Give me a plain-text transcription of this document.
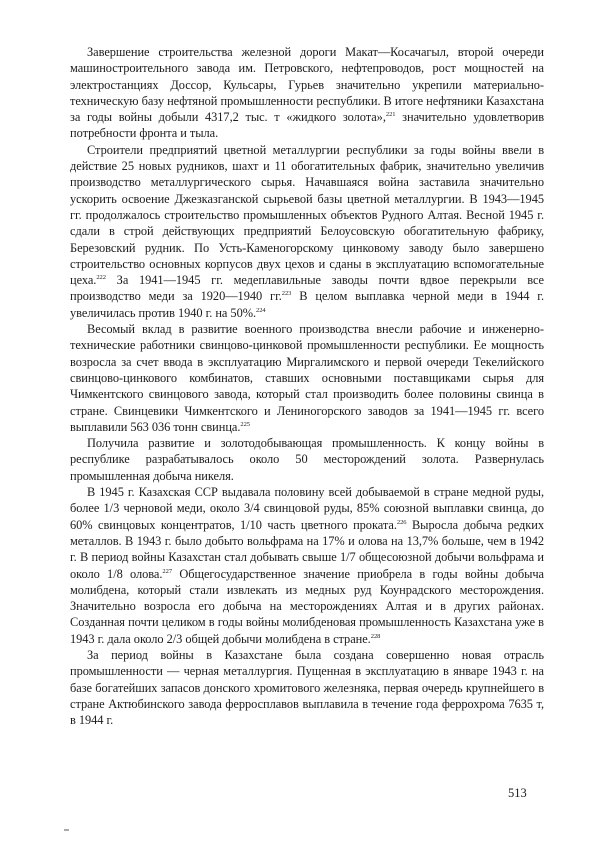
Завершение строительства железной дороги Макат—Косачагыл, второй очереди машиностроительного завода им. Петровского, нефтепроводов, рост мощностей на электростанциях Доссор, Кульсары, Гурьев значительно укрепили материально-техническую базу нефтяной промышленности республики. В итоге нефтяники Казахстана за годы войны добыли 4317,2 тыс. т «жидкого золота»,$^{221}$ значительно удовлетворив потребности фронта и тыла.

Строители предприятий цветной металлургии республики за годы войны ввели в действие 25 новых рудников, шахт и 11 обогатительных фабрик, значительно увеличив производство металлургического сырья. Начавшаяся война заставила значительно ускорить освоение Джезказганской сырьевой базы цветной металлургии. В 1943—1945 гг. продолжалось строительство промышленных объектов Рудного Алтая. Весной 1945 г. сдали в строй действующих предприятий Белоусовскую обогатительную фабрику, Березовский рудник. По Усть-Каменогорскому цинковому заводу было завершено строительство основных корпусов двух цехов и сданы в эксплуатацию вспомогательные цеха.$^{222}$ За 1941—1945 гг. медеплавильные заводы почти вдвое перекрыли все производство меди за 1920—1940 гг.$^{223}$ В целом выплавка черной меди в 1944 г. увеличилась против 1940 г. на 50%.$^{224}$

Весомый вклад в развитие военного производства внесли рабочие и инженерно-технические работники свинцово-цинковой промышленности республики. Ее мощность возросла за счет ввода в эксплуатацию Миргалимского и первой очереди Текелийского свинцово-цинкового комбинатов, ставших основными поставщиками сырья для Чимкентского свинцового завода, который стал производить более половины свинца в стране. Свинцевики Чимкентского и Лениногорского заводов за 1941—1945 гг. всего выплавили 563 036 тонн свинца.$^{225}$

Получила развитие и золотодобывающая промышленность. К концу войны в республике разрабатывалось около 50 месторождений золота. Развернулась промышленная добыча никеля.

В 1945 г. Казахская ССР выдавала половину всей добываемой в стране медной руды, более 1/3 черновой меди, около 3/4 свинцовой руды, 85% союзной выплавки свинца, до 60% свинцовых концентратов, 1/10 часть цветного проката.$^{226}$ Выросла добыча редких металлов. В 1943 г. было добыто вольфрама на 17% и олова на 13,7% больше, чем в 1942 г. В период войны Казахстан стал добывать свыше 1/7 общесоюзной добычи вольфрама и около 1/8 олова.$^{227}$ Общегосударственное значение приобрела в годы войны добыча молибдена, который стали извлекать из медных руд Коунрадского месторождения. Значительно возросла его добыча на месторождениях Алтая и в других районах. Созданная почти целиком в годы войны молибденовая промышленность Казахстана уже в 1943 г. дала около 2/3 общей добычи молибдена в стране.$^{228}$

За период войны в Казахстане была создана совершенно новая отрасль промышленности — черная металлургия. Пущенная в эксплуатацию в январе 1943 г. на базе богатейших запасов донского хромитового железняка, первая очередь крупнейшего в стране Актюбинского завода ферросплавов выплавила в течение года феррохрома 7635 т, в 1944 г.

513
